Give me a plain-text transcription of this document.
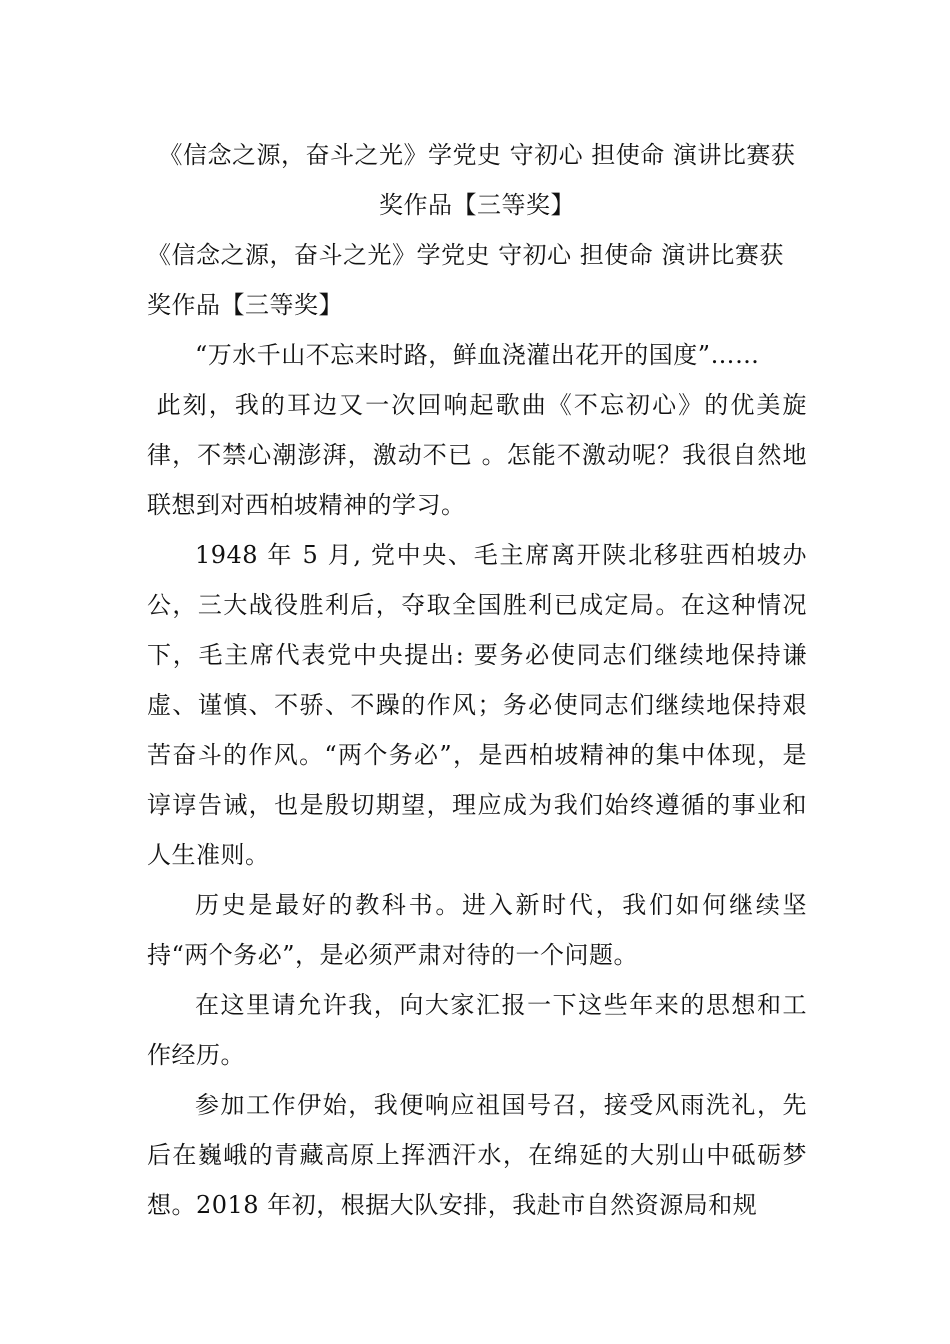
《信念之源，奋斗之光》学党史 守初心 担使命 演讲比赛获奖作品【三等奖】
《信念之源，奋斗之光》学党史 守初心 担使命 演讲比赛获奖作品【三等奖】

“万水千山不忘来时路，鲜血浇灌出花开的国度”……

此刻，我的耳边又一次回响起歌曲《不忘初心》的优美旋律，不禁心潮澎湃，激动不已 。怎能不激动呢？我很自然地联想到对西柏坡精神的学习。

1948 年 5 月, 党中央、毛主席离开陕北移驻西柏坡办公，三大战役胜利后，夺取全国胜利已成定局。在这种情况下，毛主席代表党中央提出: 要务必使同志们继续地保持谦虚、谨慎、不骄、不躁的作风；务必使同志们继续地保持艰苦奋斗的作风。“两个务必”，是西柏坡精神的集中体现，是谆谆告诫，也是殷切期望，理应成为我们始终遵循的事业和人生准则。

历史是最好的教科书。进入新时代，我们如何继续坚持“两个务必”，是必须严肃对待的一个问题。

在这里请允许我，向大家汇报一下这些年来的思想和工作经历。

参加工作伊始，我便响应祖国号召，接受风雨洗礼，先后在巍峨的青藏高原上挥洒汗水，在绵延的大别山中砥砺梦想。2018 年初，根据大队安排，我赴市自然资源局和规
